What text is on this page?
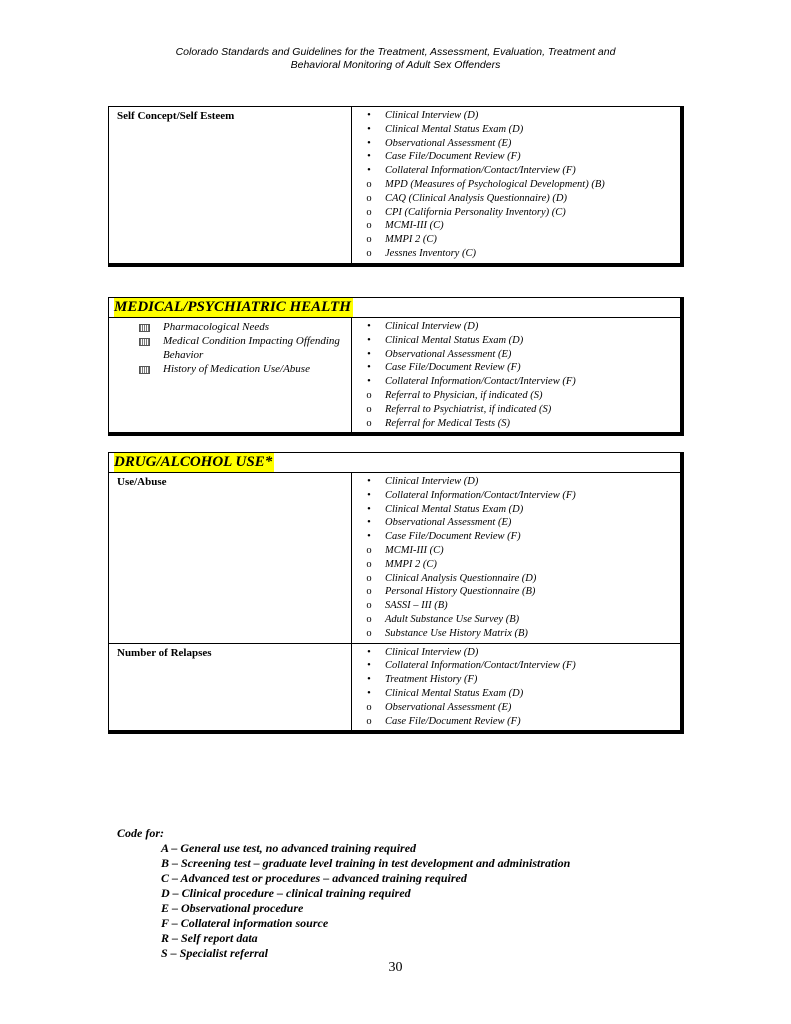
Colorado Standards and Guidelines for the Treatment, Assessment, Evaluation, Treatment and
Behavioral Monitoring of Adult Sex Offenders
Self Concept/Self Esteem	•	Clinical Interview (D)
•	Clinical Mental Status Exam (D)
•	Observational Assessment (E)
•	Case File/Document Review (F)
•	Collateral Information/Contact/Interview (F)
o MPD (Measures of Psychological Development) (B)
o CAQ (Clinical Analysis Questionnaire) (D)
o CPI (California Personality Inventory) (C)
o MCMI-III (C)
o MMPI 2 (C)
o Jessnes Inventory (C)
MEDICAL/PSYCHIATRIC HEALTH
Pharmacological Needs
Medical Condition Impacting Offending Behavior
History of Medication Use/Abuse
•	Clinical Interview (D)
•	Clinical Mental Status Exam (D)
•	Observational Assessment (E)
•	Case File/Document Review (F)
•	Collateral Information/Contact/Interview (F)
o Referral to Physician, if indicated (S)
o Referral to Psychiatrist, if indicated (S)
o Referral for Medical Tests (S)
DRUG/ALCOHOL USE*
Use/Abuse	•	Clinical Interview (D)
•	Collateral Information/Contact/Interview (F)
•	Clinical Mental Status Exam (D)
•	Observational Assessment (E)
•	Case File/Document Review (F)
o MCMI-III (C)
o MMPI 2 (C)
o Clinical Analysis Questionnaire (D)
o Personal History Questionnaire (B)
o SASSI – III (B)
o Adult Substance Use Survey (B)
o Substance Use History Matrix (B)
Number of Relapses	•	Clinical Interview (D)
•	Collateral Information/Contact/Interview (F)
•	Treatment History (F)
•	Clinical Mental Status Exam (D)
o Observational Assessment (E)
o Case File/Document Review (F)
Code for:
A – General use test, no advanced training required
B – Screening test – graduate level training in test development and administration
C – Advanced test or procedures – advanced training required
D – Clinical procedure – clinical training required
E – Observational procedure
F – Collateral information source
R – Self report data
S – Specialist referral
30
